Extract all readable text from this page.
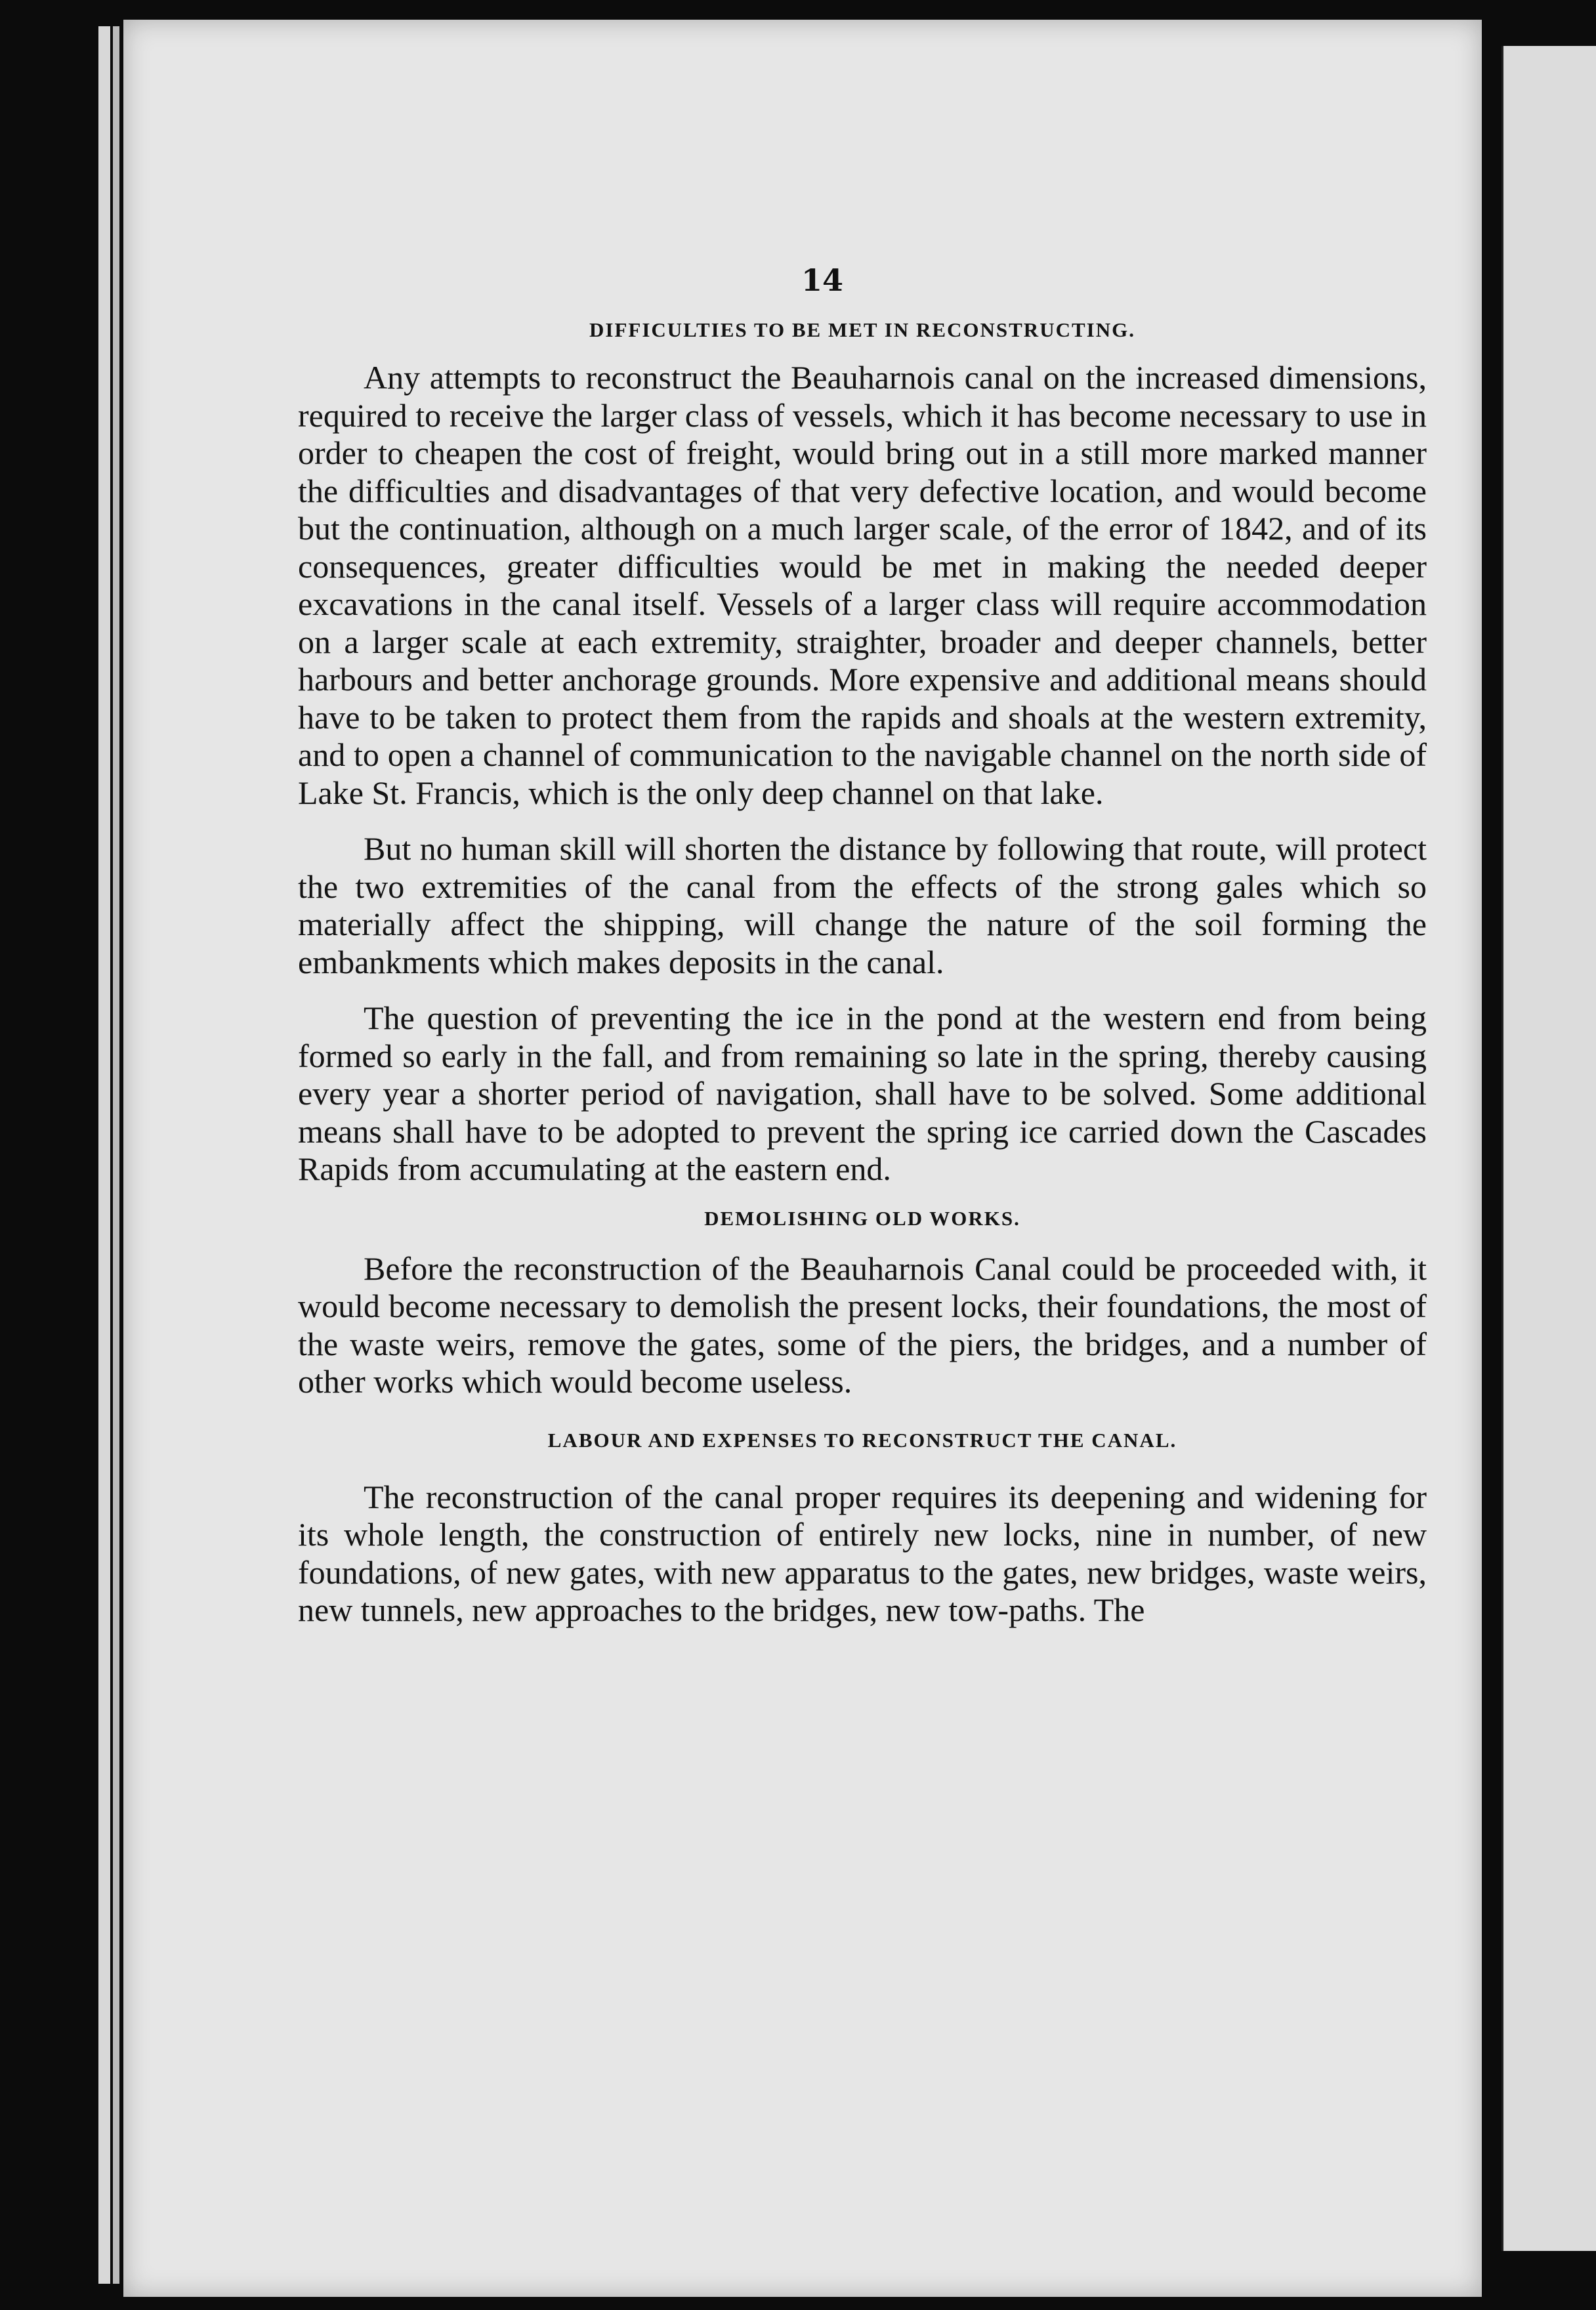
14
DIFFICULTIES TO BE MET IN RECONSTRUCTING.

Any attempts to reconstruct the Beauharnois canal on the increased dimensions, required to receive the larger class of vessels, which it has become necessary to use in order to cheapen the cost of freight, would bring out in a still more marked manner the difficulties and disadvantages of that very defective location, and would become but the continuation, although on a much larger scale, of the error of 1842, and of its consequences, greater difficulties would be met in making the needed deeper excavations in the canal itself. Vessels of a larger class will require accommodation on a larger scale at each extremity, straighter, broader and deeper channels, better harbours and better anchorage grounds. More expensive and additional means should have to be taken to protect them from the rapids and shoals at the western extremity, and to open a channel of communication to the navigable channel on the north side of Lake St. Francis, which is the only deep channel on that lake.

But no human skill will shorten the distance by following that route, will protect the two extremities of the canal from the effects of the strong gales which so materially affect the shipping, will change the nature of the soil forming the embankments which makes deposits in the canal.

The question of preventing the ice in the pond at the western end from being formed so early in the fall, and from remaining so late in the spring, thereby causing every year a shorter period of navigation, shall have to be solved. Some additional means shall have to be adopted to prevent the spring ice carried down the Cascades Rapids from accumulating at the eastern end.

DEMOLISHING OLD WORKS.

Before the reconstruction of the Beauharnois Canal could be proceeded with, it would become necessary to demolish the present locks, their foundations, the most of the waste weirs, remove the gates, some of the piers, the bridges, and a number of other works which would become useless.

LABOUR AND EXPENSES TO RECONSTRUCT THE CANAL.

The reconstruction of the canal proper requires its deepening and widening for its whole length, the construction of entirely new locks, nine in number, of new foundations, of new gates, with new apparatus to the gates, new bridges, waste weirs, new tunnels, new approaches to the bridges, new tow-paths. The
